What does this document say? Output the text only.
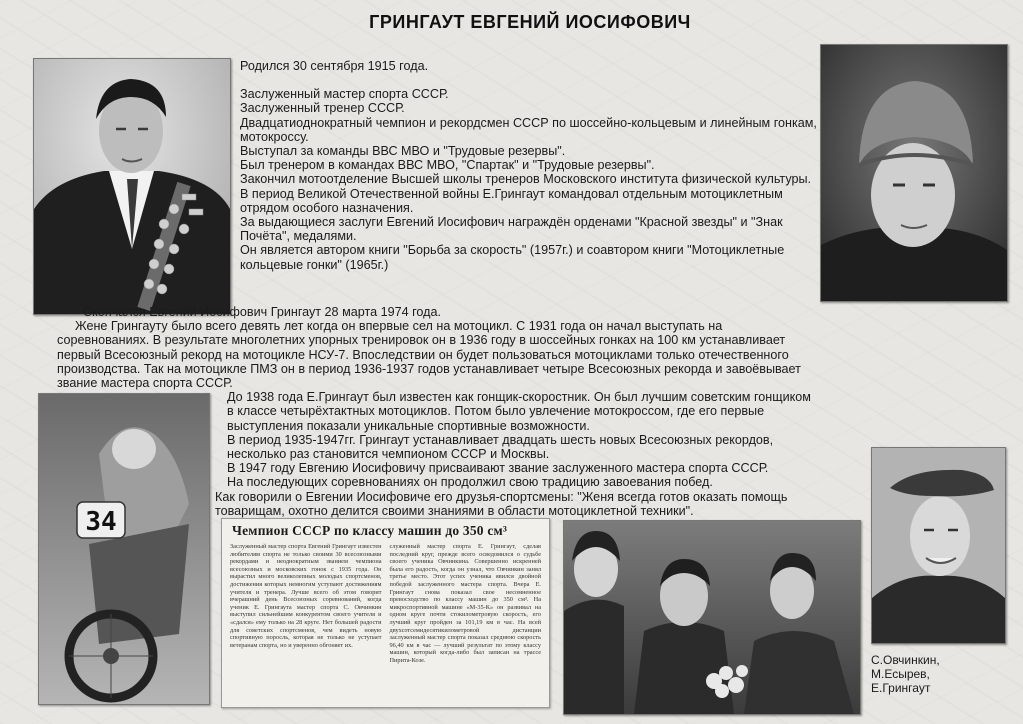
ГРИНГАУТ ЕВГЕНИЙ ИОСИФОВИЧ
Родился 30 сентября 1915 года.
Заслуженный мастер спорта СССР.
Заслуженный тренер СССР.
Двадцатиоднократный чемпион и рекордсмен СССР по шоссейно-кольцевым и линейным гонкам, мотокроссу.
Выступал за команды ВВС МВО и "Трудовые резервы".
Был тренером в командах ВВС МВО, "Спартак" и "Трудовые резервы".
Закончил мотоотделение Высшей школы тренеров Московского института физической культуры.
В период Великой Отечественной войны Е.Грингаут командовал отдельным мотоциклетным отрядом особого назначения.
За выдающиеся заслуги Евгений Иосифович награждён орденами "Красной звезды" и "Знак Почёта", медалями.
Он является автором книги "Борьба за скорость" (1957г.) и соавтором книги "Мотоциклетные кольцевые гонки" (1965г.)

Скончался Евгений Иосифович Грингаут 28 марта 1974 года.

Жене Грингауту было всего девять лет когда он впервые сел на мотоцикл. С 1931 года он начал выступать на соревнованиях. В результате многолетних упорных тренировок он в 1936 году в шоссейных гонках на 100 км устанавливает первый Всесоюзный рекорд на мотоцикле НСУ-7. Впоследствии он будет пользоваться мотоциклами только отечественного производства. Так на мотоцикле ПМЗ он в период 1936-1937 годов устанавливает четыре Всесоюзных рекорда и завоёвывает звание мастера спорта СССР.

До 1938 года Е.Грингаут был известен как гонщик-скоростник. Он был лучшим советским гонщиком в классе четырёхтактных мотоциклов. Потом было увлечение мотокроссом, где его первые выступления показали уникальные спортивные возможности.

В период 1935-1947гг. Грингаут устанавливает двадцать шесть новых Всесоюзных рекордов, несколько раз становится чемпионом СССР и Москвы.

В 1947 году Евгению Иосифовичу присваивают звание заслуженного мастера спорта СССР.

На последующих соревнованиях он продолжил свою традицию завоевания побед.

Как говорили о Евгении Иосифовиче его друзья-спортсмены: "Женя всегда готов оказать помощь товарищам, охотно делится своими знаниями в области мотоциклетной техники".

34	Чемпион СССР по классу машин до 350 см³
Заслуженный мастер спорта Евгений Грингаут известен любителям спорта не только своими 30 всесоюзными рекордами и неоднократным званием чемпиона всесоюзных и московских гонок с 1935 года. Он вырастил много великолепных молодых спортсменов, достижения которых немногим уступают достижениям учителя и тренера. Лучше всего об этом говорит вчерашний день Всесоюзных соревнований, когда ученик Е. Грингаута мастер спорта С. Овчинкин выступил сильнейшим конкурентом своего учителя и «сдался» ему только на 28 круге. Нет большей радости для советских спортсменов, чем видеть новую спортивную поросль, которая не только не уступает ветеранам спорта, но и уверенно обгоняет их.
служенный мастер спорта Е. Грингаут, сделав последний круг, прежде всего осведомился о судьбе своего ученика Овчинкина. Совершенно искренней была его радость, когда он узнал, что Овчинкин занял третье место. Этот успех ученика явился двойной победой заслуженного мастера спорта. Вчера Е. Грингаут снова показал свое несомненное превосходство по классу машин до 350 см³. На микроспортивной машине «М-35-К» он развивал на одном круге почти стокилометровую скорость, его лучший круг пройден за 101,19 км в час. На всей двухсотсемидесятикилометровой дистанции заслуженный мастер спорта показал среднюю скорость 96,40 км в час — лучший результат по этому классу машин, который когда-либо был записан на трассе Пирита-Козе.	С.Овчинкин,
М.Есырев,
Е.Грингаут
